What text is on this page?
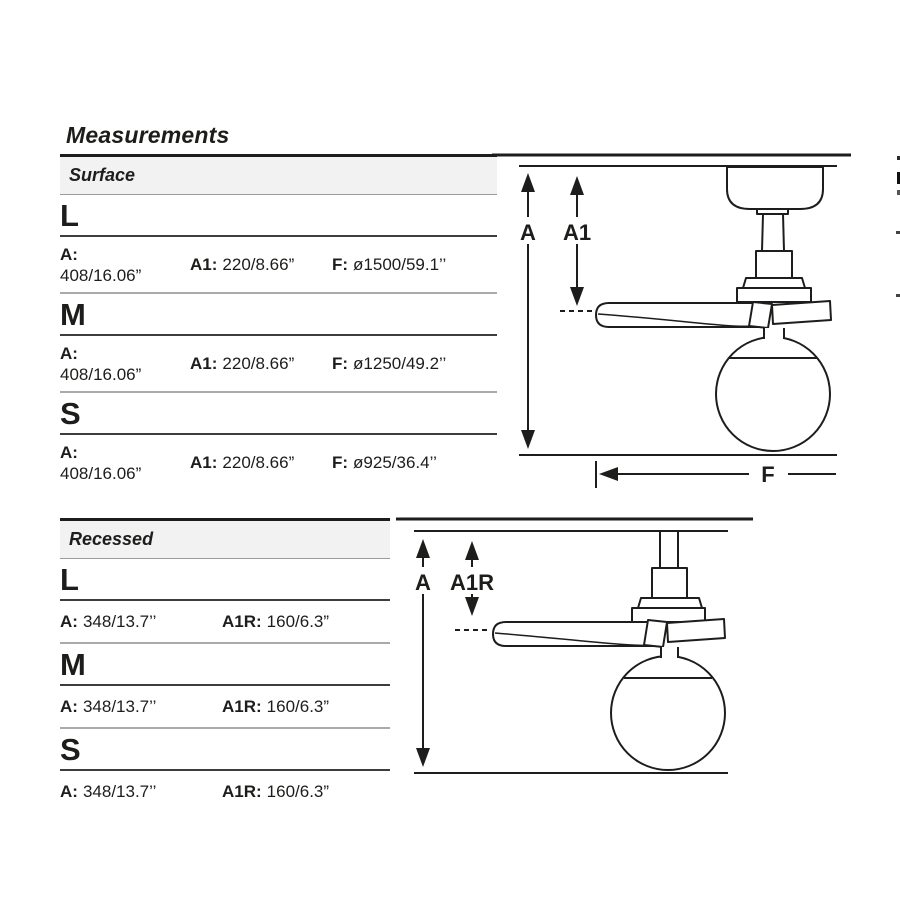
Measurements
Surface
L
A:
408/16.06”
A1: 220/8.66” F: ø1500/59.1’’
M
A:
408/16.06”
A1: 220/8.66” F: ø1250/49.2’’
S
A:
408/16.06”
A1: 220/8.66” F: ø925/36.4’’
Recessed
L
A: 348/13.7’’	A1R: 160/6.3”
M
A: 348/13.7’’	A1R: 160/6.3”
S
A: 348/13.7’’	A1R: 160/6.3”
A A1
F
A A1R
